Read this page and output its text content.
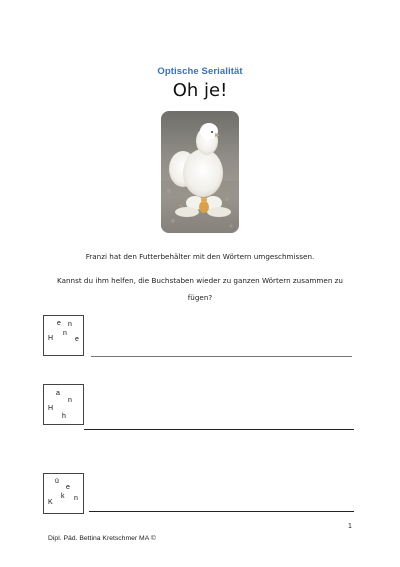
Optische Serialität
Oh je!
Franzi hat den Futterbehälter mit den Wörtern umgeschmissen.
Kannst du ihm helfen, die Buchstaben wieder zu ganzen Wörtern zusammen zu
fügen?
e n
n
H	e
a
n
H
h
ü
e
k n
K
1
Dipl. Päd. Bettina Kretschmer MA ©
